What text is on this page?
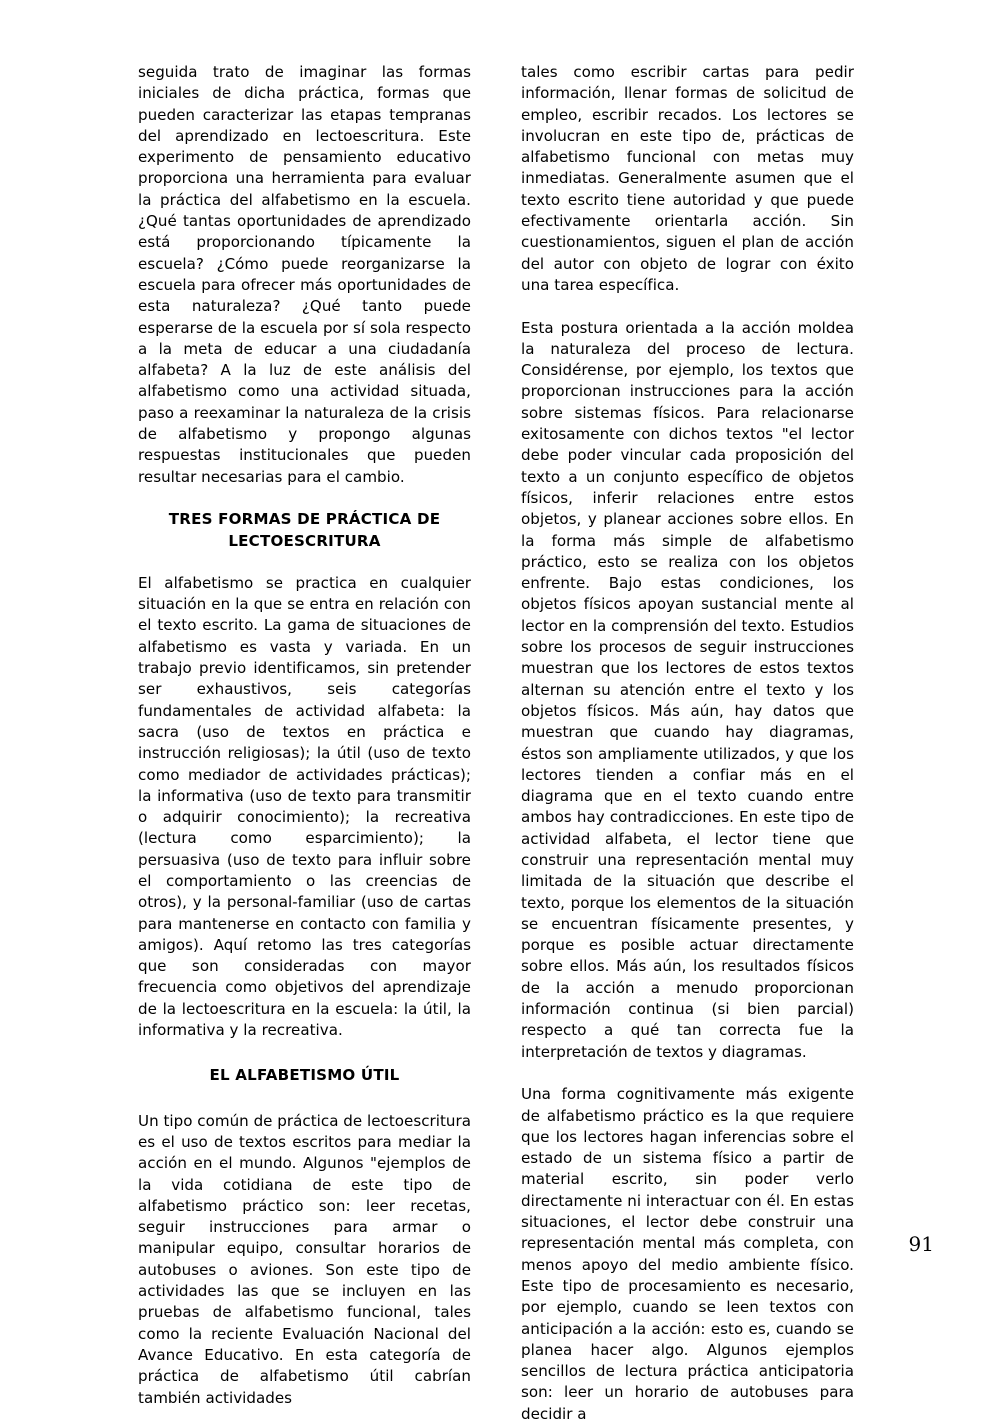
seguida trato de imaginar las formas iniciales de dicha práctica, formas que pueden caracterizar las etapas tempranas del aprendizado en lectoescritura. Este experimento de pensamiento educativo proporciona una herramienta para evaluar la práctica del alfabetismo en la escuela. ¿Qué tantas oportunidades de aprendizado está proporcionando típicamente la escuela? ¿Cómo puede reorganizarse la escuela para ofrecer más oportunidades de esta naturaleza? ¿Qué tanto puede esperarse de la escuela por sí sola respecto a la meta de educar a una ciudadanía alfabeta? A la luz de este análisis del alfabetismo como una actividad situada, paso a reexaminar la naturaleza de la crisis de alfabetismo y propongo algunas respuestas institucionales que pueden resultar necesarias para el cambio.

TRES FORMAS DE PRÁCTICA DE LECTOESCRITURA

El alfabetismo se practica en cualquier situación en la que se entra en relación con el texto escrito. La gama de situaciones de alfabetismo es vasta y variada. En un trabajo previo identificamos, sin pretender ser exhaustivos, seis categorías fundamentales de actividad alfabeta: la sacra (uso de textos en práctica e instrucción religiosas); la útil (uso de texto como mediador de actividades prácticas); la informativa (uso de texto para transmitir o adquirir conocimiento); la recreativa (lectura como esparcimiento); la persuasiva (uso de texto para influir sobre el comportamiento o las creencias de otros), y la personal-familiar (uso de cartas para mantenerse en contacto con familia y amigos). Aquí retomo las tres categorías que son consideradas con mayor frecuencia como objetivos del aprendizaje de la lectoescritura en la escuela: la útil, la informativa y la recreativa.

EL ALFABETISMO ÚTIL

Un tipo común de práctica de lectoescritura es el uso de textos escritos para mediar la acción en el mundo. Algunos "ejemplos de la vida cotidiana de este tipo de alfabetismo práctico son: leer recetas, seguir instrucciones para armar o manipular equipo, consultar horarios de autobuses o aviones. Son este tipo de actividades las que se incluyen en las pruebas de alfabetismo funcional, tales como la reciente Evaluación Nacional del Avance Educativo. En esta categoría de práctica de alfabetismo útil cabrían también actividades

tales como escribir cartas para pedir información, llenar formas de solicitud de empleo, escribir recados. Los lectores se involucran en este tipo de, prácticas de alfabetismo funcional con metas muy inmediatas. Generalmente asumen que el texto escrito tiene autoridad y que puede efectivamente orientarla acción. Sin cuestionamientos, siguen el plan de acción del autor con objeto de lograr con éxito una tarea específica.

Esta postura orientada a la acción moldea la naturaleza del proceso de lectura. Considérense, por ejemplo, los textos que proporcionan instrucciones para la acción sobre sistemas físicos. Para relacionarse exitosamente con dichos textos "el lector debe poder vincular cada proposición del texto a un conjunto específico de objetos físicos, inferir relaciones entre estos objetos, y planear acciones sobre ellos. En la forma más simple de alfabetismo práctico, esto se realiza con los objetos enfrente. Bajo estas condiciones, los objetos físicos apoyan sustancial mente al lector en la comprensión del texto. Estudios sobre los procesos de seguir instrucciones muestran que los lectores de estos textos alternan su atención entre el texto y los objetos físicos. Más aún, hay datos que muestran que cuando hay diagramas, éstos son ampliamente utilizados, y que los lectores tienden a confiar más en el diagrama que en el texto cuando entre ambos hay contradicciones. En este tipo de actividad alfabeta, el lector tiene que construir una representación mental muy limitada de la situación que describe el texto, porque los elementos de la situación se encuentran físicamente presentes, y porque es posible actuar directamente sobre ellos. Más aún, los resultados físicos de la acción a menudo proporcionan información continua (si bien parcial) respecto a qué tan correcta fue la interpretación de textos y diagramas.

Una forma cognitivamente más exigente de alfabetismo práctico es la que requiere que los lectores hagan inferencias sobre el estado de un sistema físico a partir de material escrito, sin poder verlo directamente ni interactuar con él. En estas situaciones, el lector debe construir una representación mental más completa, con menos apoyo del medio ambiente físico. Este tipo de procesamiento es necesario, por ejemplo, cuando se leen textos con anticipación a la acción: esto es, cuando se planea hacer algo. Algunos ejemplos sencillos de lectura práctica anticipatoria son: leer un horario de autobuses para decidir a

91
